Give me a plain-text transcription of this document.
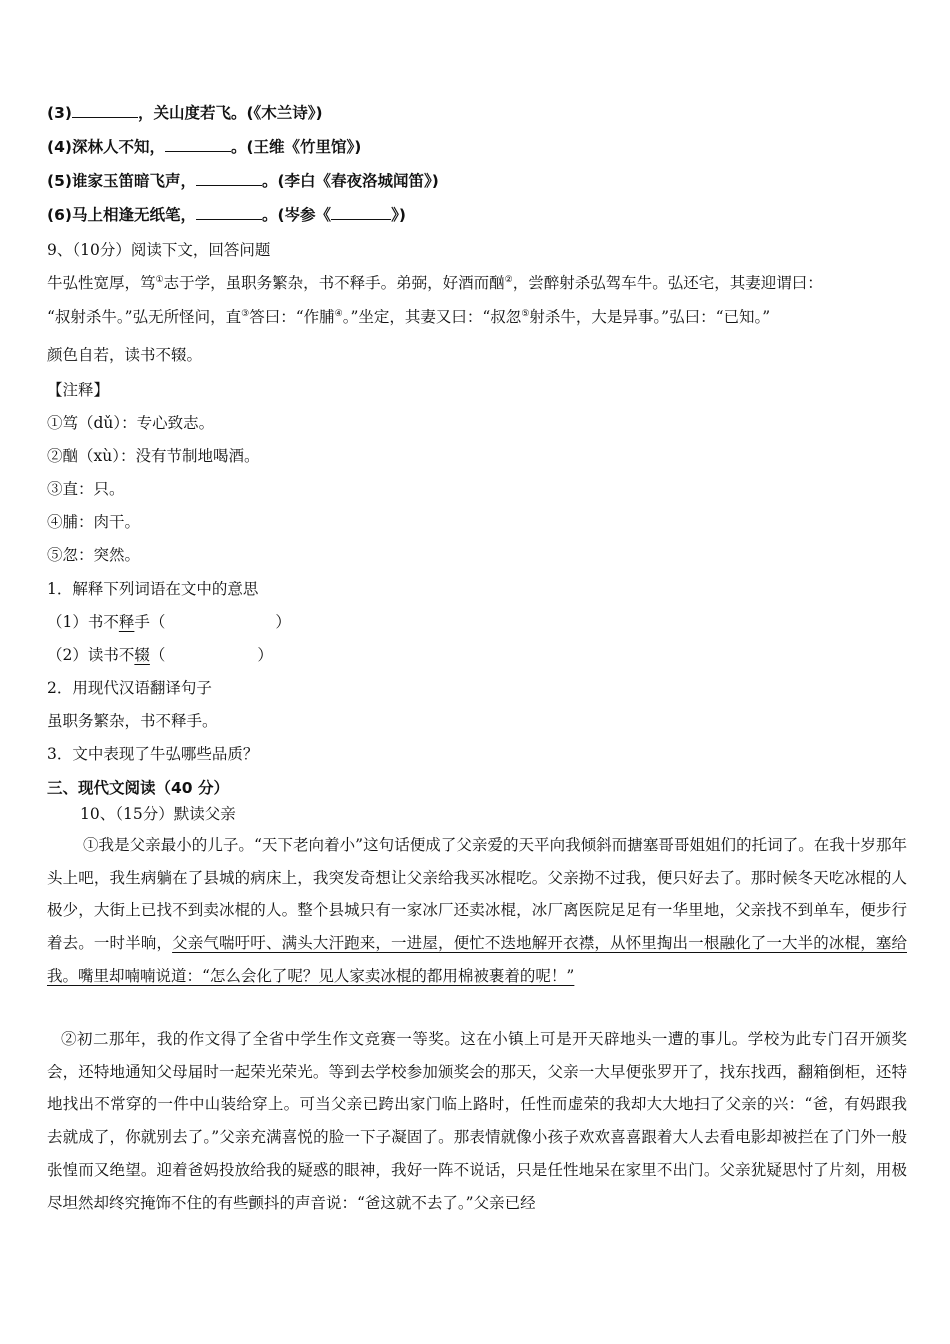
(3)	，关山度若飞。(《木兰诗》)
(4)深林人不知，	。(王维《竹里馆》)
(5)谁家玉笛暗飞声，	。(李白《春夜洛城闻笛》)
(6)马上相逢无纸笔，	。(岑参《	》)
9、（10分）阅读下文，回答问题
牛弘性宽厚，笃①志于学，虽职务繁杂，书不释手。弟弼，好酒而酗②，尝醉射杀弘驾车牛。弘还宅，其妻迎谓曰：
“叔射杀牛。”弘无所怪问，直③答曰：“作脯④。”坐定，其妻又曰：“叔忽⑤射杀牛，大是异事。”弘曰：“已知。”
颜色自若，读书不辍。
【注释】
①笃（dǔ）：专心致志。
②酗（xù）：没有节制地喝酒。
③直：只。
④脯：肉干。
⑤忽：突然。
1．解释下列词语在文中的意思
（1）书不释手（	）
（2）读书不辍（	）
2．用现代汉语翻译句子
虽职务繁杂，书不释手。
3．文中表现了牛弘哪些品质？
三、现代文阅读（40 分）
10、（15分）默读父亲
①我是父亲最小的儿子。“天下老向着小”这句话便成了父亲爱的天平向我倾斜而搪塞哥哥姐姐们的托词了。在我十岁那年头上吧，我生病躺在了县城的病床上，我突发奇想让父亲给我买冰棍吃。父亲拗不过我，便只好去了。那时候冬天吃冰棍的人极少，大街上已找不到卖冰棍的人。整个县城只有一家冰厂还卖冰棍，冰厂离医院足足有一华里地，父亲找不到单车，便步行着去。一时半晌，父亲气喘吁吁、满头大汗跑来，一进屋，便忙不迭地解开衣襟，从怀里掏出一根融化了一大半的冰棍，塞给我。嘴里却喃喃说道：“怎么会化了呢？见人家卖冰棍的都用棉被裹着的呢！”
②初二那年，我的作文得了全省中学生作文竞赛一等奖。这在小镇上可是开天辟地头一遭的事儿。学校为此专门召开颁奖会，还特地通知父母届时一起荣光荣光。等到去学校参加颁奖会的那天，父亲一大早便张罗开了，找东找西，翻箱倒柜，还特地找出不常穿的一件中山装给穿上。可当父亲已跨出家门临上路时，任性而虚荣的我却大大地扫了父亲的兴：“爸，有妈跟我去就成了，你就别去了。”父亲充满喜悦的脸一下子凝固了。那表情就像小孩子欢欢喜喜跟着大人去看电影却被拦在了门外一般张惶而又绝望。迎着爸妈投放给我的疑惑的眼神，我好一阵不说话，只是任性地呆在家里不出门。父亲犹疑思忖了片刻，用极尽坦然却终究掩饰不住的有些颤抖的声音说：“爸这就不去了。”父亲已经
